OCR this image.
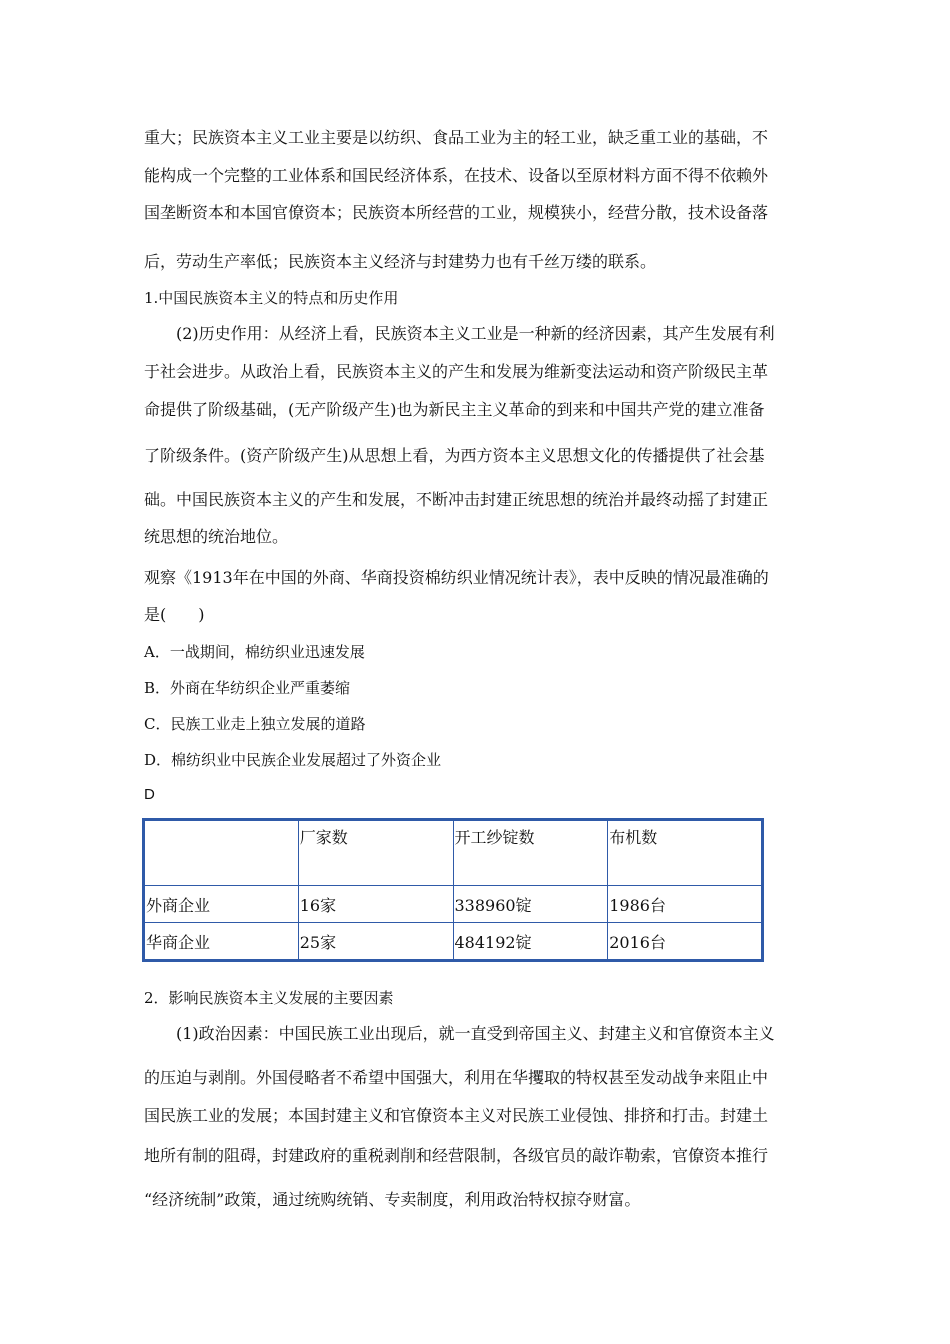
重大；民族资本主义工业主要是以纺织、食品工业为主的轻工业，缺乏重工业的基础，不
能构成一个完整的工业体系和国民经济体系，在技术、设备以至原材料方面不得不依赖外
国垄断资本和本国官僚资本；民族资本所经营的工业，规模狭小，经营分散，技术设备落
后，劳动生产率低；民族资本主义经济与封建势力也有千丝万缕的联系。
1.中国民族资本主义的特点和历史作用
(2)历史作用：从经济上看，民族资本主义工业是一种新的经济因素，其产生发展有利
于社会进步。从政治上看，民族资本主义的产生和发展为维新变法运动和资产阶级民主革
命提供了阶级基础，(无产阶级产生)也为新民主主义革命的到来和中国共产党的建立准备
了阶级条件。(资产阶级产生)从思想上看，为西方资本主义思想文化的传播提供了社会基
础。中国民族资本主义的产生和发展，不断冲击封建正统思想的统治并最终动摇了封建正
统思想的统治地位。
观察《1913年在中国的外商、华商投资棉纺织业情况统计表》，表中反映的情况最准确的
是(　　)
A．一战期间，棉纺织业迅速发展
B．外商在华纺织企业严重萎缩
C．民族工业走上独立发展的道路
D．棉纺织业中民族企业发展超过了外资企业
D
	厂家数	开工纱锭数	布机数
外商企业	16家	338960锭	1986台
华商企业	25家	484192锭	2016台
2．影响民族资本主义发展的主要因素
(1)政治因素：中国民族工业出现后，就一直受到帝国主义、封建主义和官僚资本主义
的压迫与剥削。外国侵略者不希望中国强大，利用在华攫取的特权甚至发动战争来阻止中
国民族工业的发展；本国封建主义和官僚资本主义对民族工业侵蚀、排挤和打击。封建土
地所有制的阻碍，封建政府的重税剥削和经营限制，各级官员的敲诈勒索，官僚资本推行
“经济统制”政策，通过统购统销、专卖制度，利用政治特权掠夺财富。
